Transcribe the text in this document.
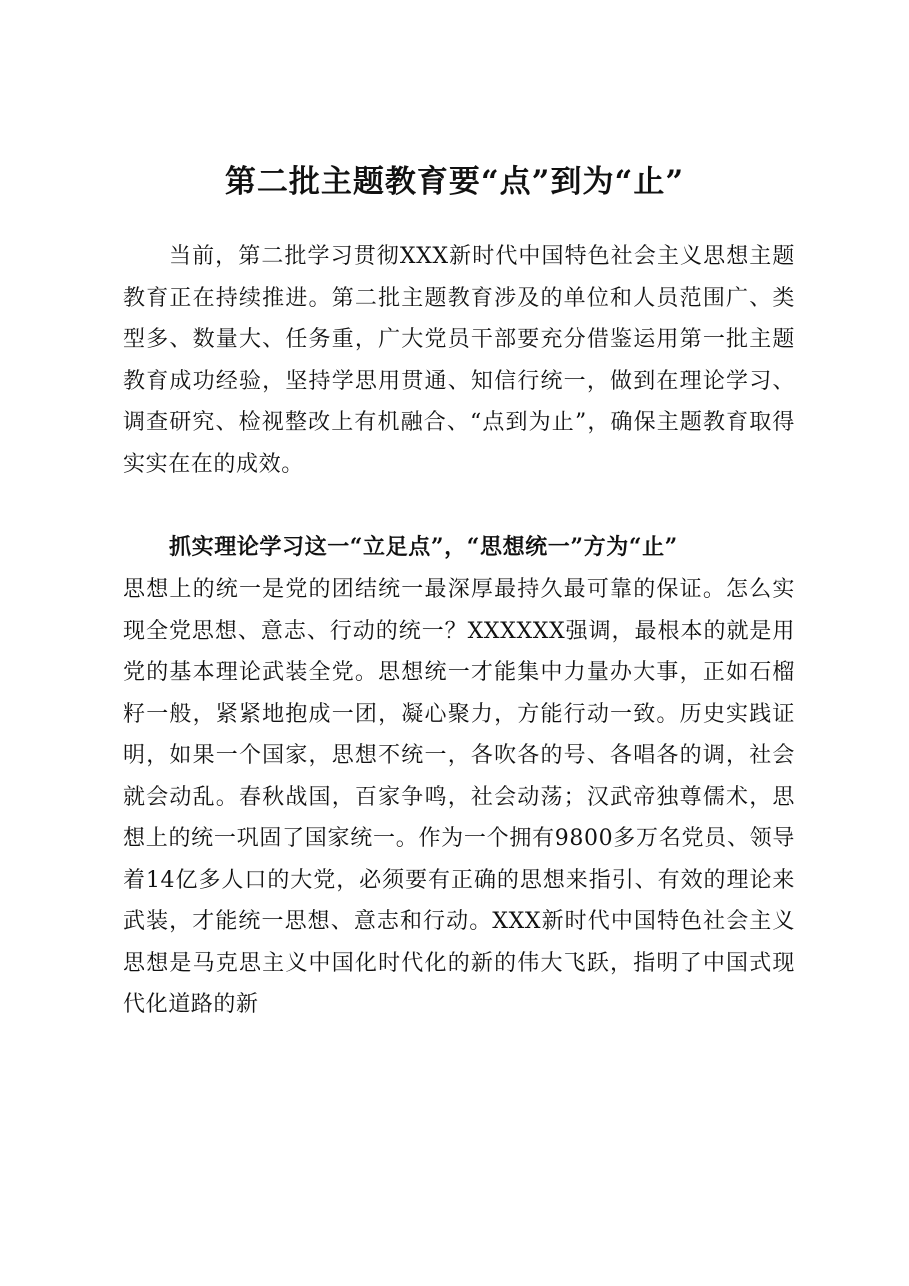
第二批主题教育要“点”到为“止”

当前，第二批学习贯彻XXX新时代中国特色社会主义思想主题教育正在持续推进。第二批主题教育涉及的单位和人员范围广、类型多、数量大、任务重，广大党员干部要充分借鉴运用第一批主题教育成功经验，坚持学思用贯通、知信行统一，做到在理论学习、调查研究、检视整改上有机融合、“点到为止”，确保主题教育取得实实在在的成效。

抓实理论学习这一“立足点”，“思想统一”方为“止”

思想上的统一是党的团结统一最深厚最持久最可靠的保证。怎么实现全党思想、意志、行动的统一？XXXXXX强调，最根本的就是用党的基本理论武装全党。思想统一才能集中力量办大事，正如石榴籽一般，紧紧地抱成一团，凝心聚力，方能行动一致。历史实践证明，如果一个国家，思想不统一，各吹各的号、各唱各的调，社会就会动乱。春秋战国，百家争鸣，社会动荡；汉武帝独尊儒术，思想上的统一巩固了国家统一。作为一个拥有9800多万名党员、领导着14亿多人口的大党，必须要有正确的思想来指引、有效的理论来武装，才能统一思想、意志和行动。XXX新时代中国特色社会主义思想是马克思主义中国化时代化的新的伟大飞跃，指明了中国式现代化道路的新
